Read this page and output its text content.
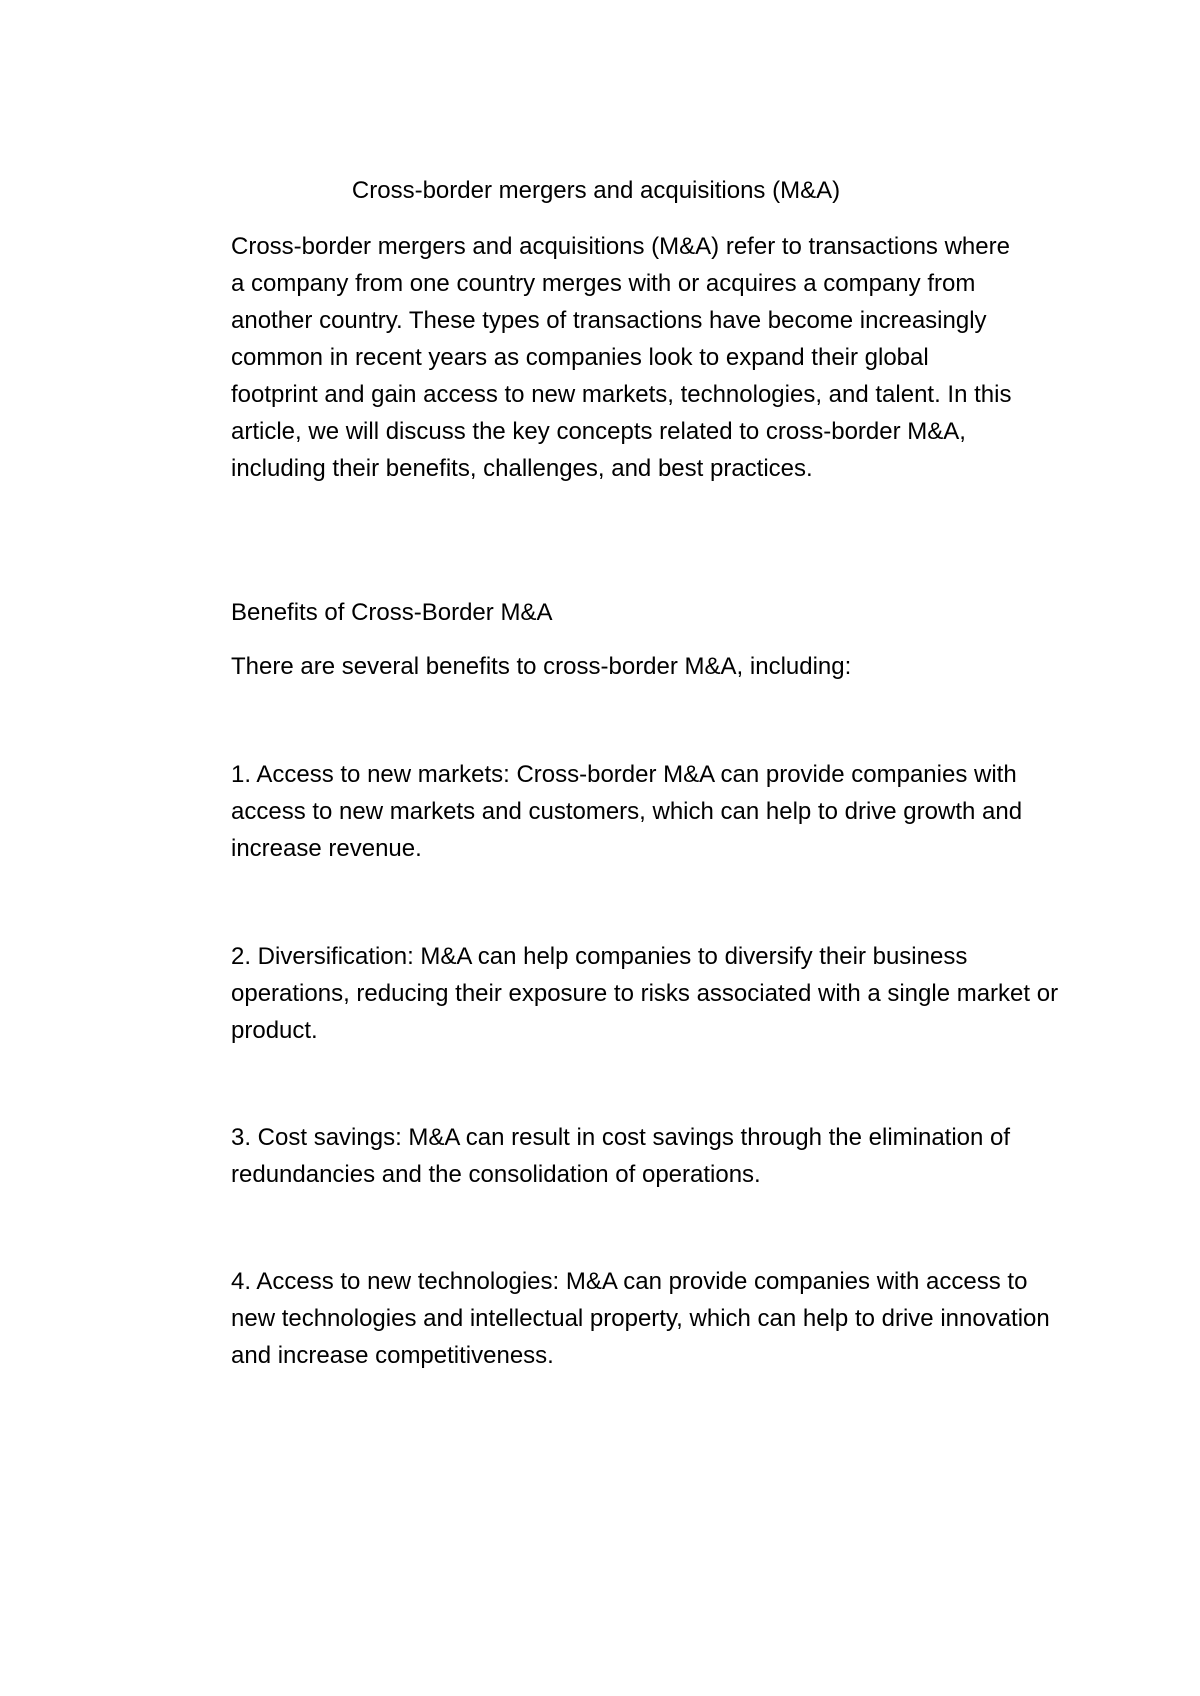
Cross-border mergers and acquisitions (M&A)

Cross-border mergers and acquisitions (M&A) refer to transactions where a company from one country merges with or acquires a company from another country. These types of transactions have become increasingly common in recent years as companies look to expand their global footprint and gain access to new markets, technologies, and talent. In this article, we will discuss the key concepts related to cross-border M&A, including their benefits, challenges, and best practices.

Benefits of Cross-Border M&A

There are several benefits to cross-border M&A, including:

1. Access to new markets: Cross-border M&A can provide companies with access to new markets and customers, which can help to drive growth and increase revenue.

2. Diversification: M&A can help companies to diversify their business operations, reducing their exposure to risks associated with a single market or product.

3. Cost savings: M&A can result in cost savings through the elimination of redundancies and the consolidation of operations.

4. Access to new technologies: M&A can provide companies with access to new technologies and intellectual property, which can help to drive innovation and increase competitiveness.
